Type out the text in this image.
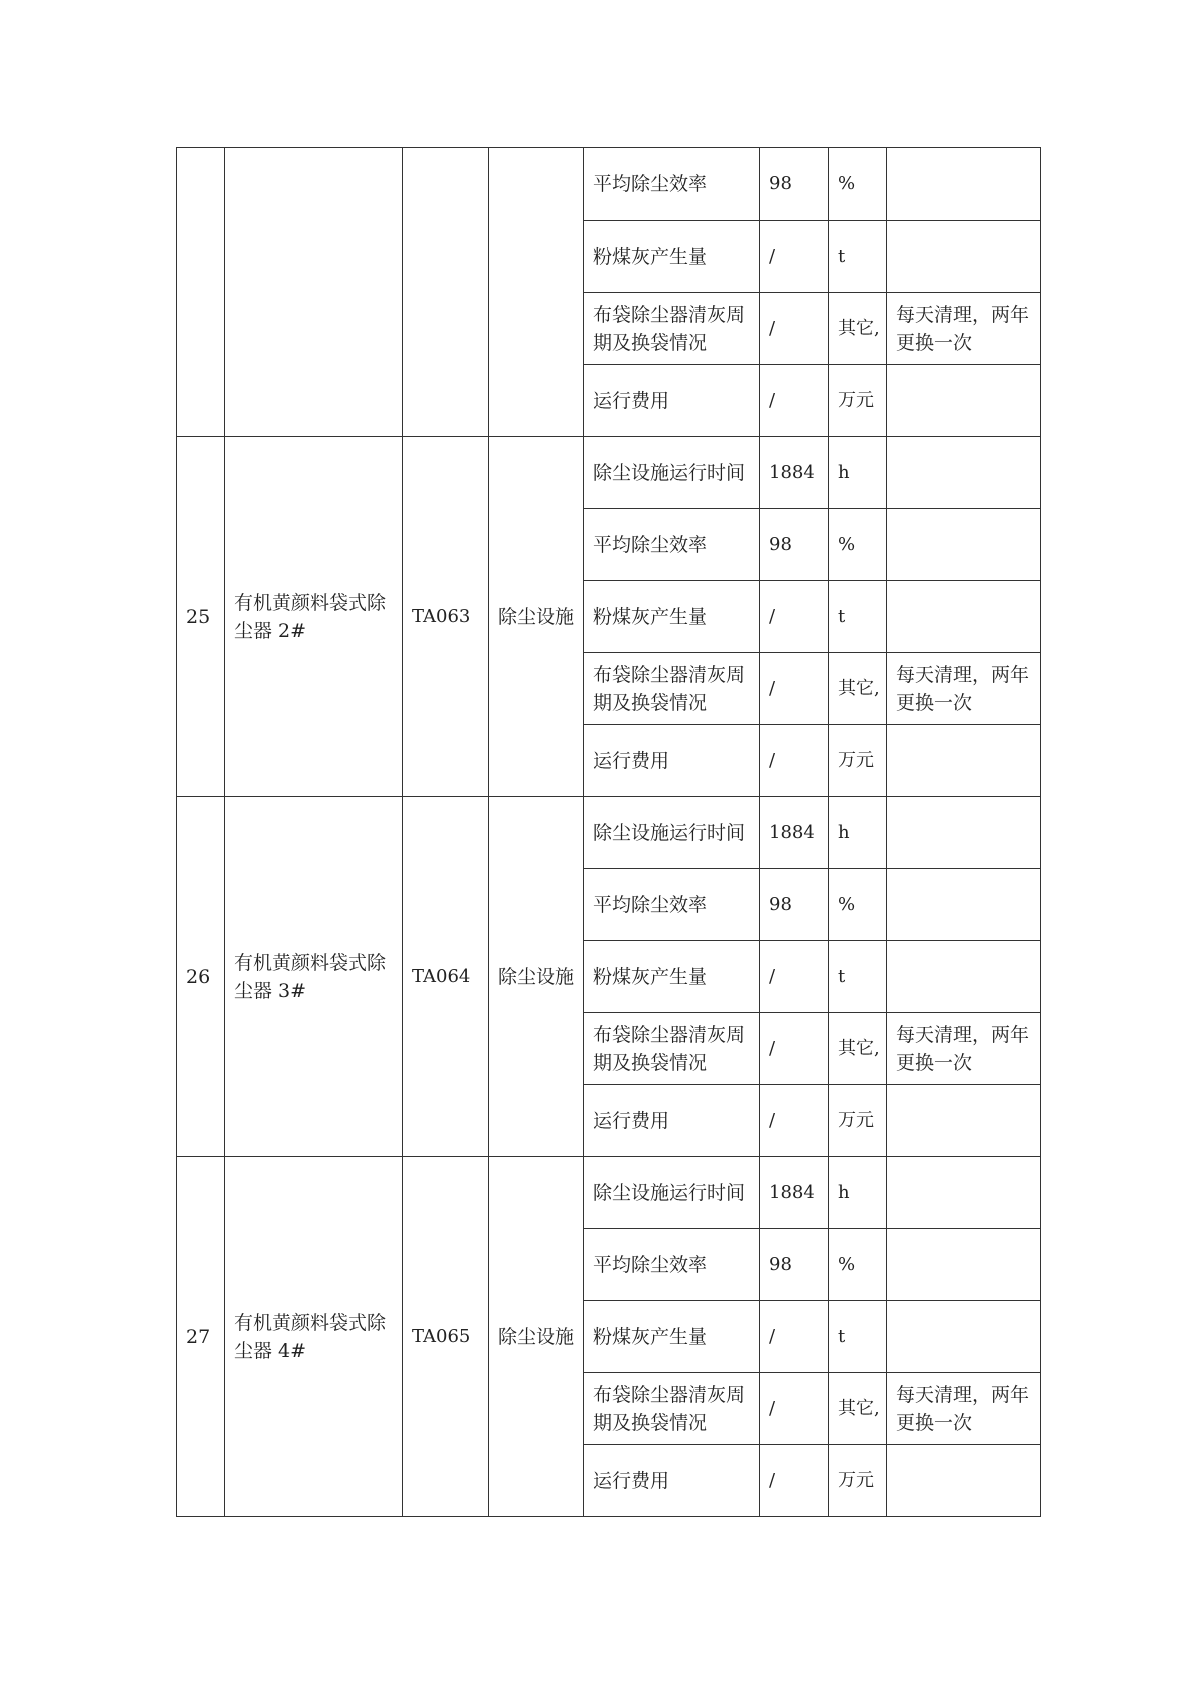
				平均除尘效率	98	%	
				粉煤灰产生量	/	t	
				布袋除尘器清灰周期及换袋情况	/	其它,	每天清理，两年更换一次
				运行费用	/	万元	
25	有机黄颜料袋式除尘器 2#	TA063	除尘设施	除尘设施运行时间	1884	h	
				平均除尘效率	98	%	
				粉煤灰产生量	/	t	
				布袋除尘器清灰周期及换袋情况	/	其它,	每天清理，两年更换一次
				运行费用	/	万元	
26	有机黄颜料袋式除尘器 3#	TA064	除尘设施	除尘设施运行时间	1884	h	
				平均除尘效率	98	%	
				粉煤灰产生量	/	t	
				布袋除尘器清灰周期及换袋情况	/	其它,	每天清理，两年更换一次
				运行费用	/	万元	
27	有机黄颜料袋式除尘器 4#	TA065	除尘设施	除尘设施运行时间	1884	h	
				平均除尘效率	98	%	
				粉煤灰产生量	/	t	
				布袋除尘器清灰周期及换袋情况	/	其它,	每天清理，两年更换一次
				运行费用	/	万元	
